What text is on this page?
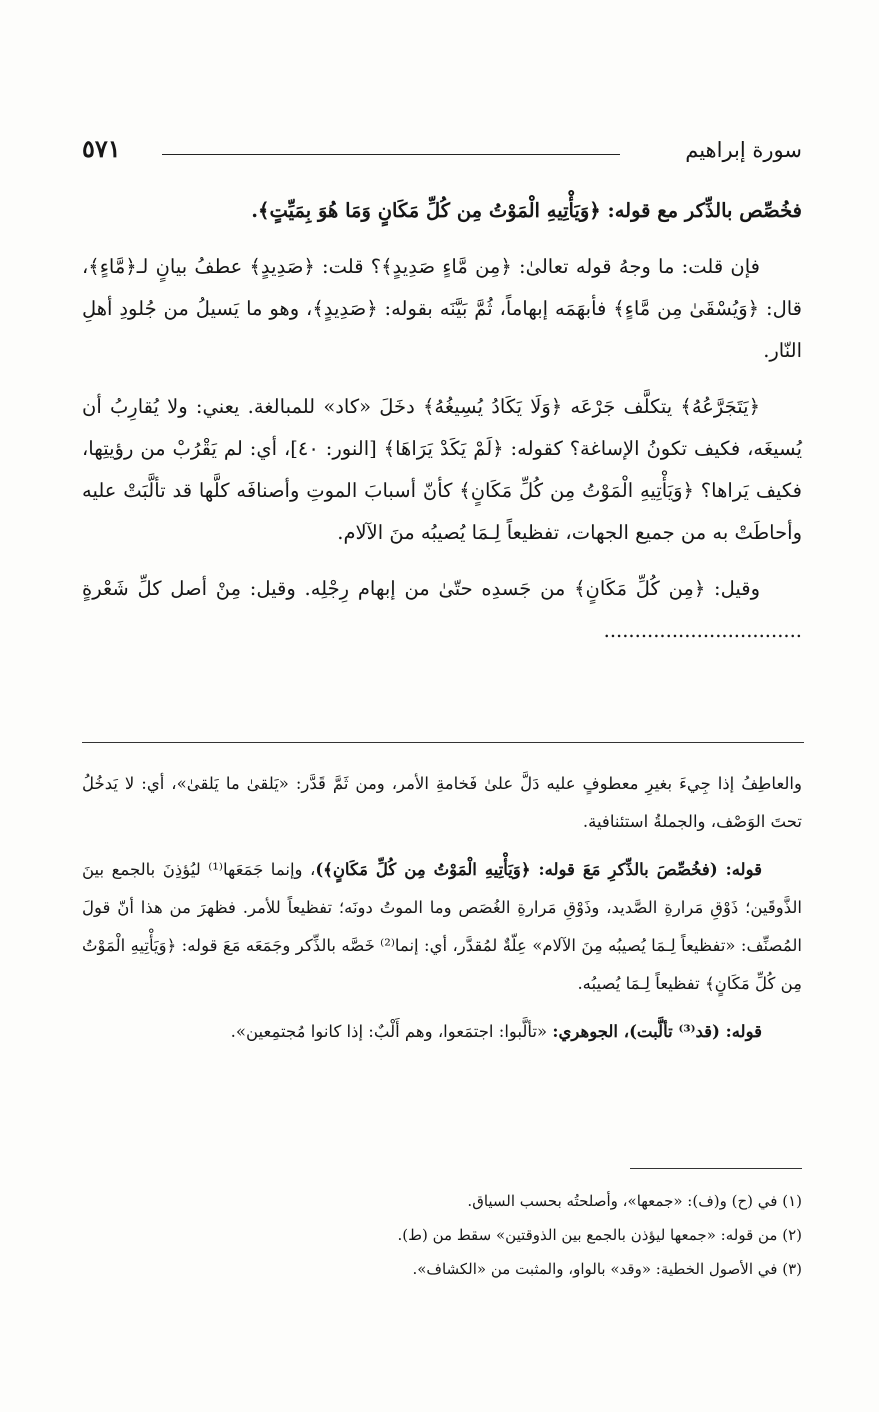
سورة إبراهيم
٥٧١

فخُصِّص بالذِّكر مع قوله: ﴿وَيَأْتِيهِ الْمَوْتُ مِن كُلِّ مَكَانٍ وَمَا هُوَ بِمَيِّتٍ﴾.

فإن قلت: ما وجهُ قوله تعالىٰ: ﴿مِن مَّاءٍ صَدِيدٍ﴾؟ قلت: ﴿صَدِيدٍ﴾ عطفُ بيانٍ لـ﴿مَّاءٍ﴾، قال: ﴿وَيُسْقَىٰ مِن مَّاءٍ﴾ فأبهَمَه إبهاماً، ثُمَّ بَيَّنَه بقوله: ﴿صَدِيدٍ﴾، وهو ما يَسيلُ من جُلودِ أهلِ النّار.

﴿يَتَجَرَّعُهُ﴾ يتكلَّف جَرْعَه ﴿وَلَا يَكَادُ يُسِيغُهُ﴾ دخَلَ «كاد» للمبالغة. يعني: ولا يُقارِبُ أن يُسيغَه، فكيف تكونُ الإساغة؟ كقوله: ﴿لَمْ يَكَدْ يَرَاهَا﴾ [النور: ٤٠]، أي: لم يَقْرُبْ من رؤيتِها، فكيف يَراها؟ ﴿وَيَأْتِيهِ الْمَوْتُ مِن كُلِّ مَكَانٍ﴾ كأنّ أسبابَ الموتِ وأصنافَه كلَّها قد تألَّبَتْ عليه وأحاطَتْ به من جميع الجهات، تفظيعاً لِـمَا يُصيبُه منَ الآلام.

وقيل: ﴿مِن كُلِّ مَكَانٍ﴾ من جَسدِه حتّىٰ من إبهام رِجْلِه. وقيل: مِنْ أصل كلِّ شَعْرةٍ ................................

والعاطِفُ إذا جِيءَ بغيرِ معطوفٍ عليه دَلَّ علىٰ فَخامةِ الأمر، ومن ثَمَّ قَدَّر: «يَلقىٰ ما يَلقىٰ»، أي: لا يَدخُلُ تحتَ الوَصْف، والجملةُ استئنافية.

قوله: (فخُصِّصَ بالذِّكرِ مَعَ قوله: ﴿وَيَأْتِيهِ الْمَوْتُ مِن كُلِّ مَكَانٍ﴾)، وإنما جَمَعَها⁽¹⁾ ليُؤذِنَ بالجمع بينَ الذَّوقَين؛ ذَوْقِ مَرارةِ الصَّديد، وذَوْقِ مَرارةِ الغُصَص وما الموتُ دونَه؛ تفظيعاً للأمر. فظهرَ من هذا أنّ قولَ المُصنِّف: «تفظيعاً لِـمَا يُصيبُه مِنَ الآلام» عِلّةٌ لمُقدَّر، أي: إنما⁽²⁾ خَصَّه بالذِّكر وجَمَعَه مَعَ قوله: ﴿وَيَأْتِيهِ الْمَوْتُ مِن كُلِّ مَكَانٍ﴾ تفظيعاً لِـمَا يُصيبُه.

قوله: (قد⁽³⁾ تألَّبت)، الجوهري: «تألَّبوا: اجتمَعوا، وهم أَلْبٌ: إذا كانوا مُجتمِعين».

(١) في (ح) و(ف): «جمعها»، وأصلحتُه بحسب السياق.

(٢) من قوله: «جمعها ليؤذن بالجمع بين الذوقتين» سقط من (ط).

(٣) في الأصول الخطية: «وقد» بالواو، والمثبت من «الكشاف».
